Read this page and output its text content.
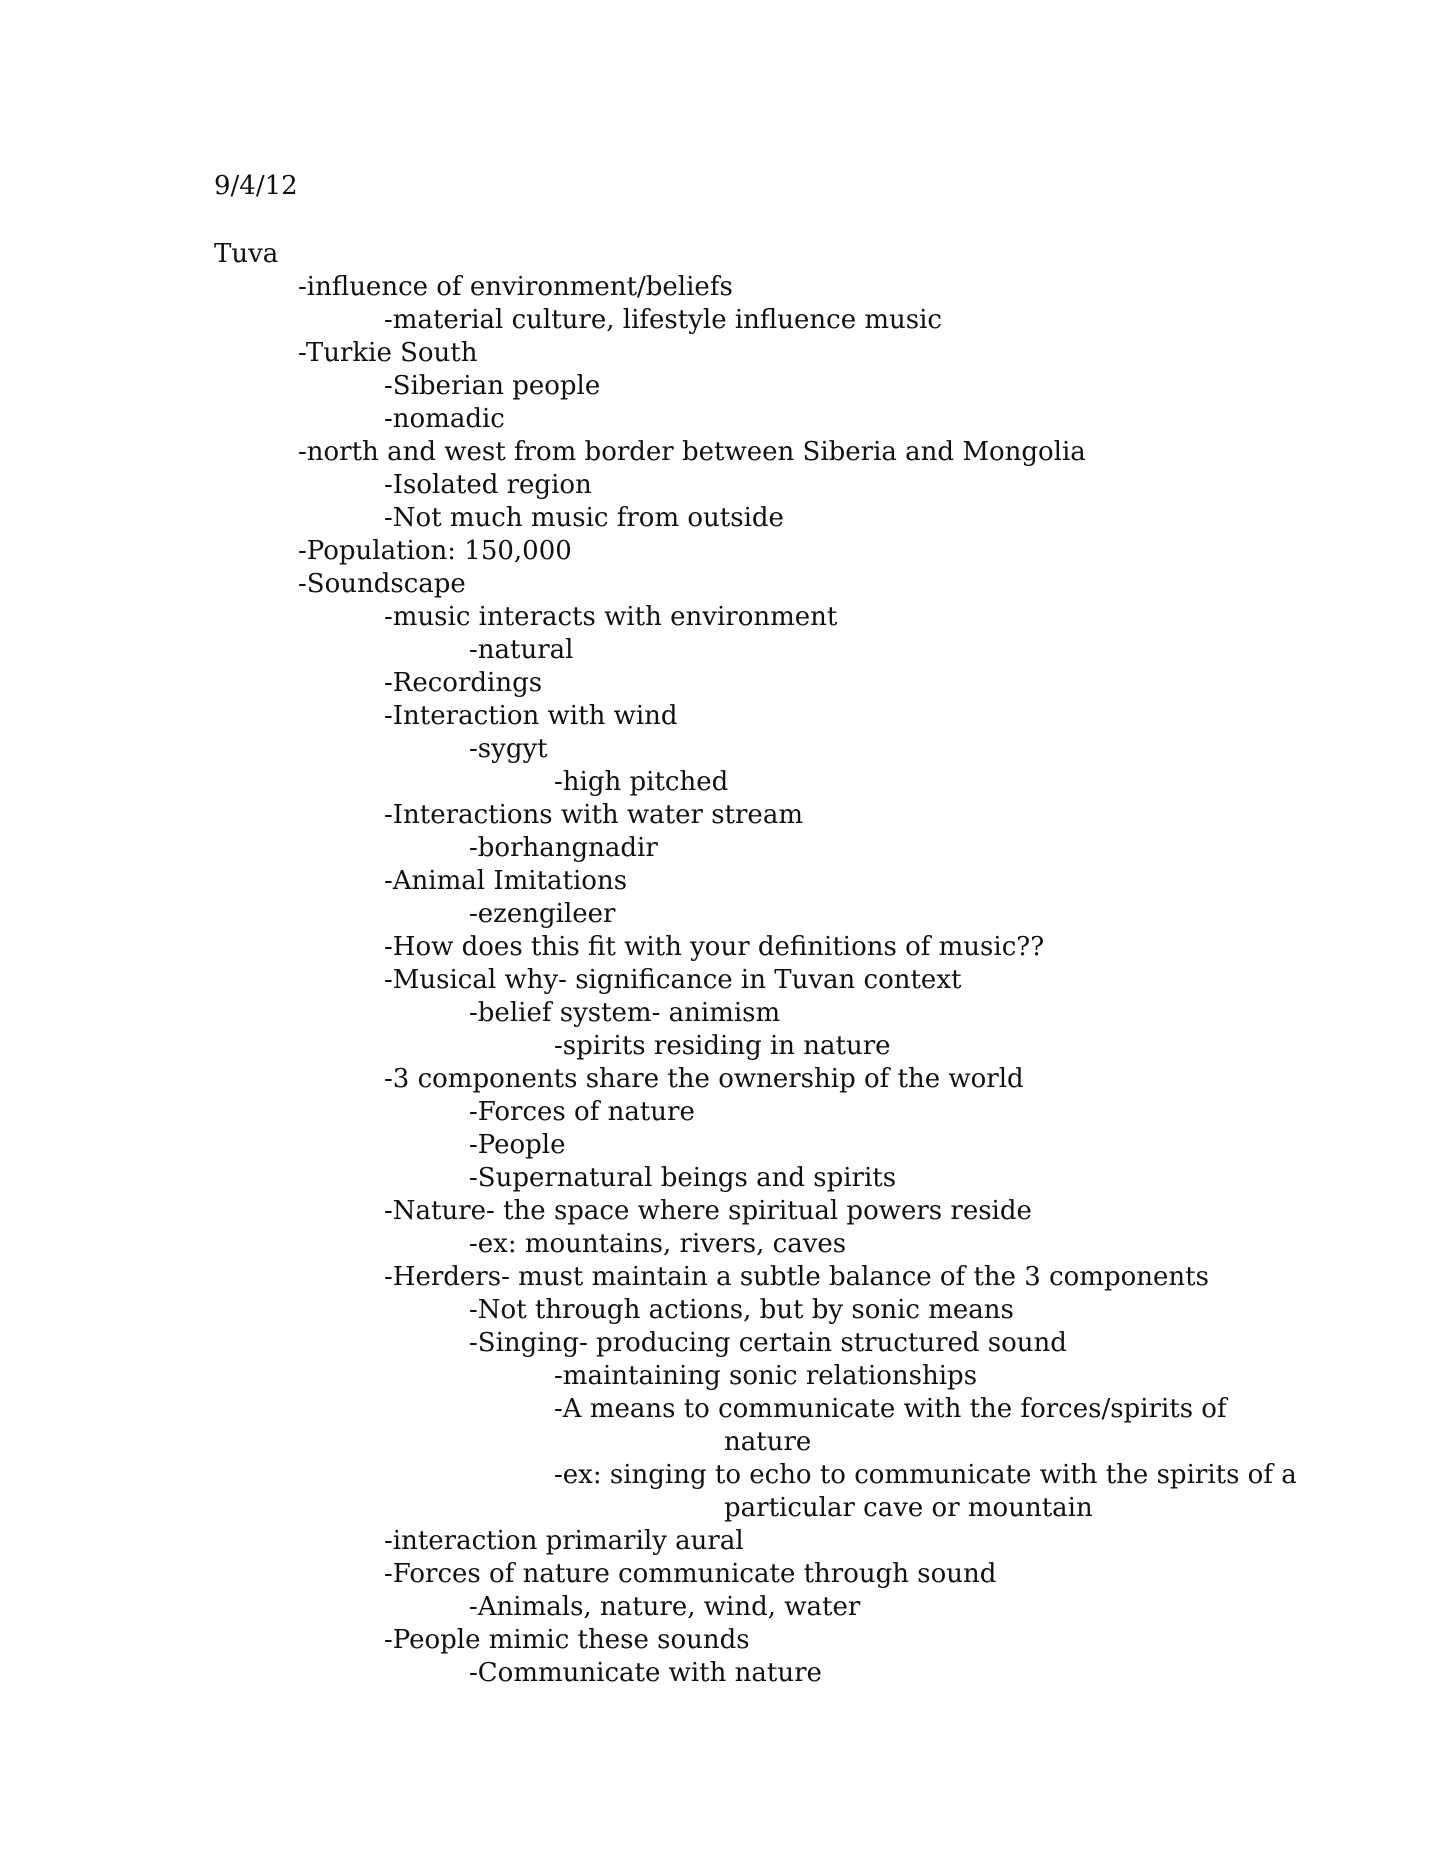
9/4/12
Tuva
-influence of environment/beliefs
-material culture, lifestyle influence music
-Turkie South
-Siberian people
-nomadic
-north and west from border between Siberia and Mongolia
-Isolated region
-Not much music from outside
-Population: 150,000
-Soundscape
-music interacts with environment
-natural
-Recordings
-Interaction with wind
-sygyt
-high pitched
-Interactions with water stream
-borhangnadir
-Animal Imitations
-ezengileer
-How does this fit with your definitions of music??
-Musical why- significance in Tuvan context
-belief system- animism
-spirits residing in nature
-3 components share the ownership of the world
-Forces of nature
-People
-Supernatural beings and spirits
-Nature- the space where spiritual powers reside
-ex: mountains, rivers, caves
-Herders- must maintain a subtle balance of the 3 components
-Not through actions, but by sonic means
-Singing- producing certain structured sound
-maintaining sonic relationships
-A means to communicate with the forces/spirits of
nature
-ex: singing to echo to communicate with the spirits of a
particular cave or mountain
-interaction primarily aural
-Forces of nature communicate through sound
-Animals, nature, wind, water
-People mimic these sounds
-Communicate with nature
